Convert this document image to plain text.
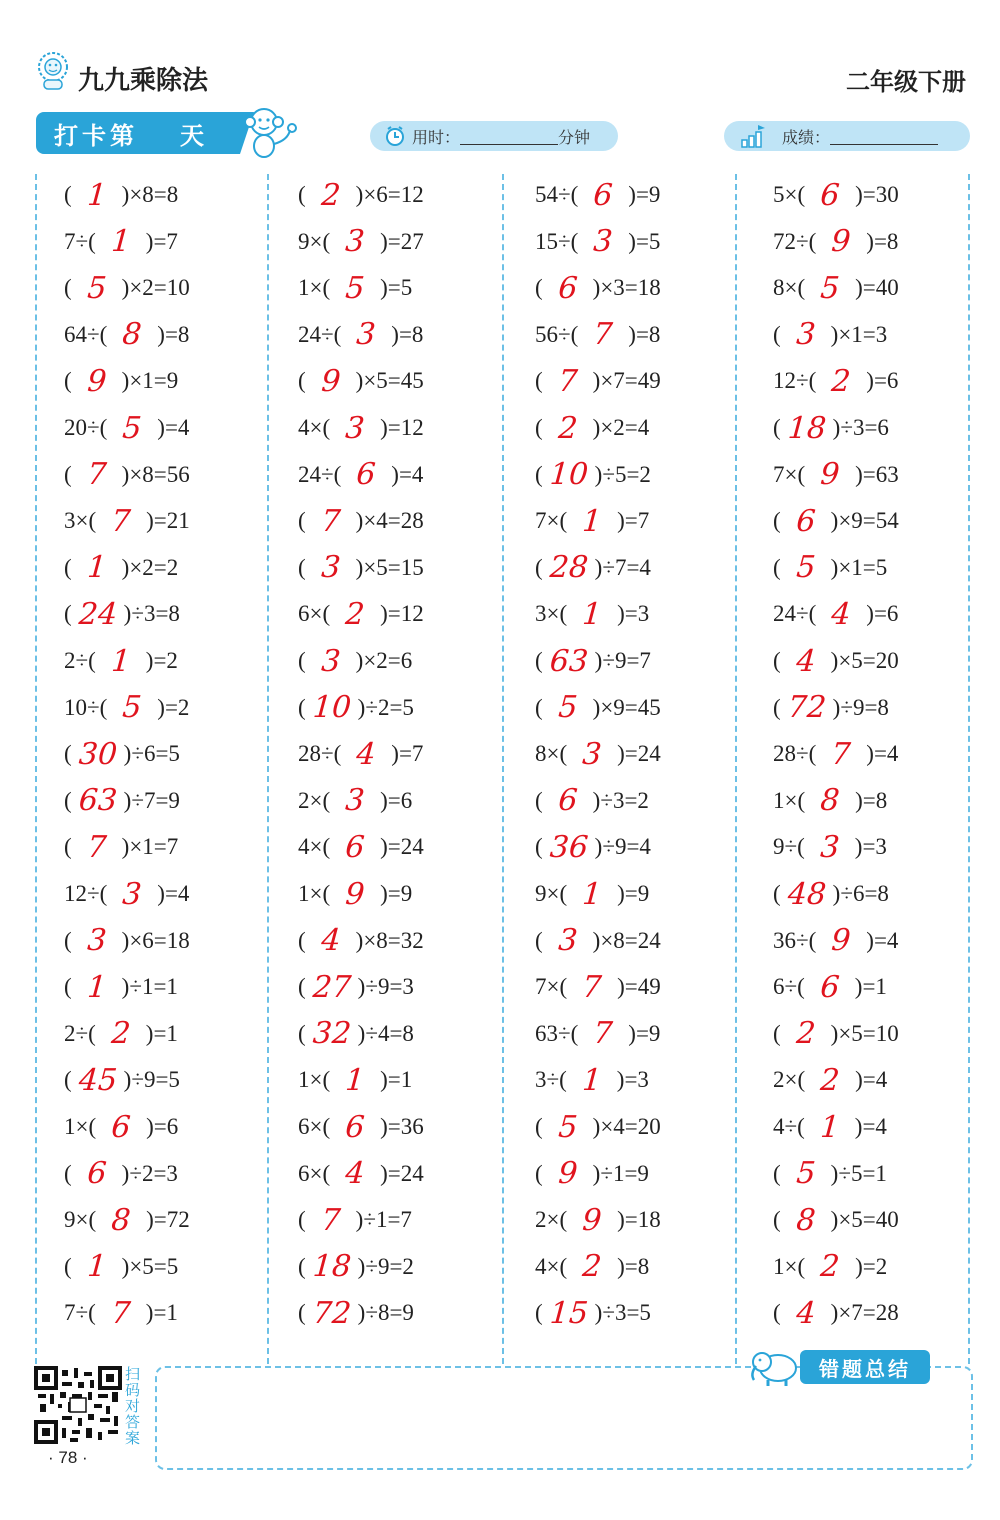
九九乘除法	二年级下册
打卡第 天	用时：	分钟	成绩：
( 1 )×8=8
7÷( 1 )=7
( 5 )×2=10
64÷( 8 )=8
( 9 )×1=9
20÷( 5 )=4
( 7 )×8=56
3×( 7 )=21
( 1 )×2=2
( 24 )÷3=8
2÷( 1 )=2
10÷( 5 )=2
( 30 )÷6=5
( 63 )÷7=9
( 7 )×1=7
12÷( 3 )=4
( 3 )×6=18
( 1 )÷1=1
2÷( 2 )=1
( 45 )÷9=5
1×( 6 )=6
( 6 )÷2=3
9×( 8 )=72
( 1 )×5=5
7÷( 7 )=1
( 2 )×6=12
9×( 3 )=27
1×( 5 )=5
24÷( 3 )=8
( 9 )×5=45
4×( 3 )=12
24÷( 6 )=4
( 7 )×4=28
( 3 )×5=15
6×( 2 )=12
( 3 )×2=6
( 10 )÷2=5
28÷( 4 )=7
2×( 3 )=6
4×( 6 )=24
1×( 9 )=9
( 4 )×8=32
( 27 )÷9=3
( 32 )÷4=8
1×( 1 )=1
6×( 6 )=36
6×( 4 )=24
( 7 )÷1=7
( 18 )÷9=2
( 72 )÷8=9
54÷( 6 )=9
15÷( 3 )=5
( 6 )×3=18
56÷( 7 )=8
( 7 )×7=49
( 2 )×2=4
( 10 )÷5=2
7×( 1 )=7
( 28 )÷7=4
3×( 1 )=3
( 63 )÷9=7
( 5 )×9=45
8×( 3 )=24
( 6 )÷3=2
( 36 )÷9=4
9×( 1 )=9
( 3 )×8=24
7×( 7 )=49
63÷( 7 )=9
3÷( 1 )=3
( 5 )×4=20
( 9 )÷1=9
2×( 9 )=18
4×( 2 )=8
( 15 )÷3=5
5×( 6 )=30
72÷( 9 )=8
8×( 5 )=40
( 3 )×1=3
12÷( 2 )=6
( 18 )÷3=6
7×( 9 )=63
( 6 )×9=54
( 5 )×1=5
24÷( 4 )=6
( 4 )×5=20
( 72 )÷9=8
28÷( 7 )=4
1×( 8 )=8
9÷( 3 )=3
( 48 )÷6=8
36÷( 9 )=4
6÷( 6 )=1
( 2 )×5=10
2×( 2 )=4
4÷( 1 )=4
( 5 )÷5=1
( 8 )×5=40
1×( 2 )=2
( 4 )×7=28
错题总结
扫码对答案
· 78 ·
